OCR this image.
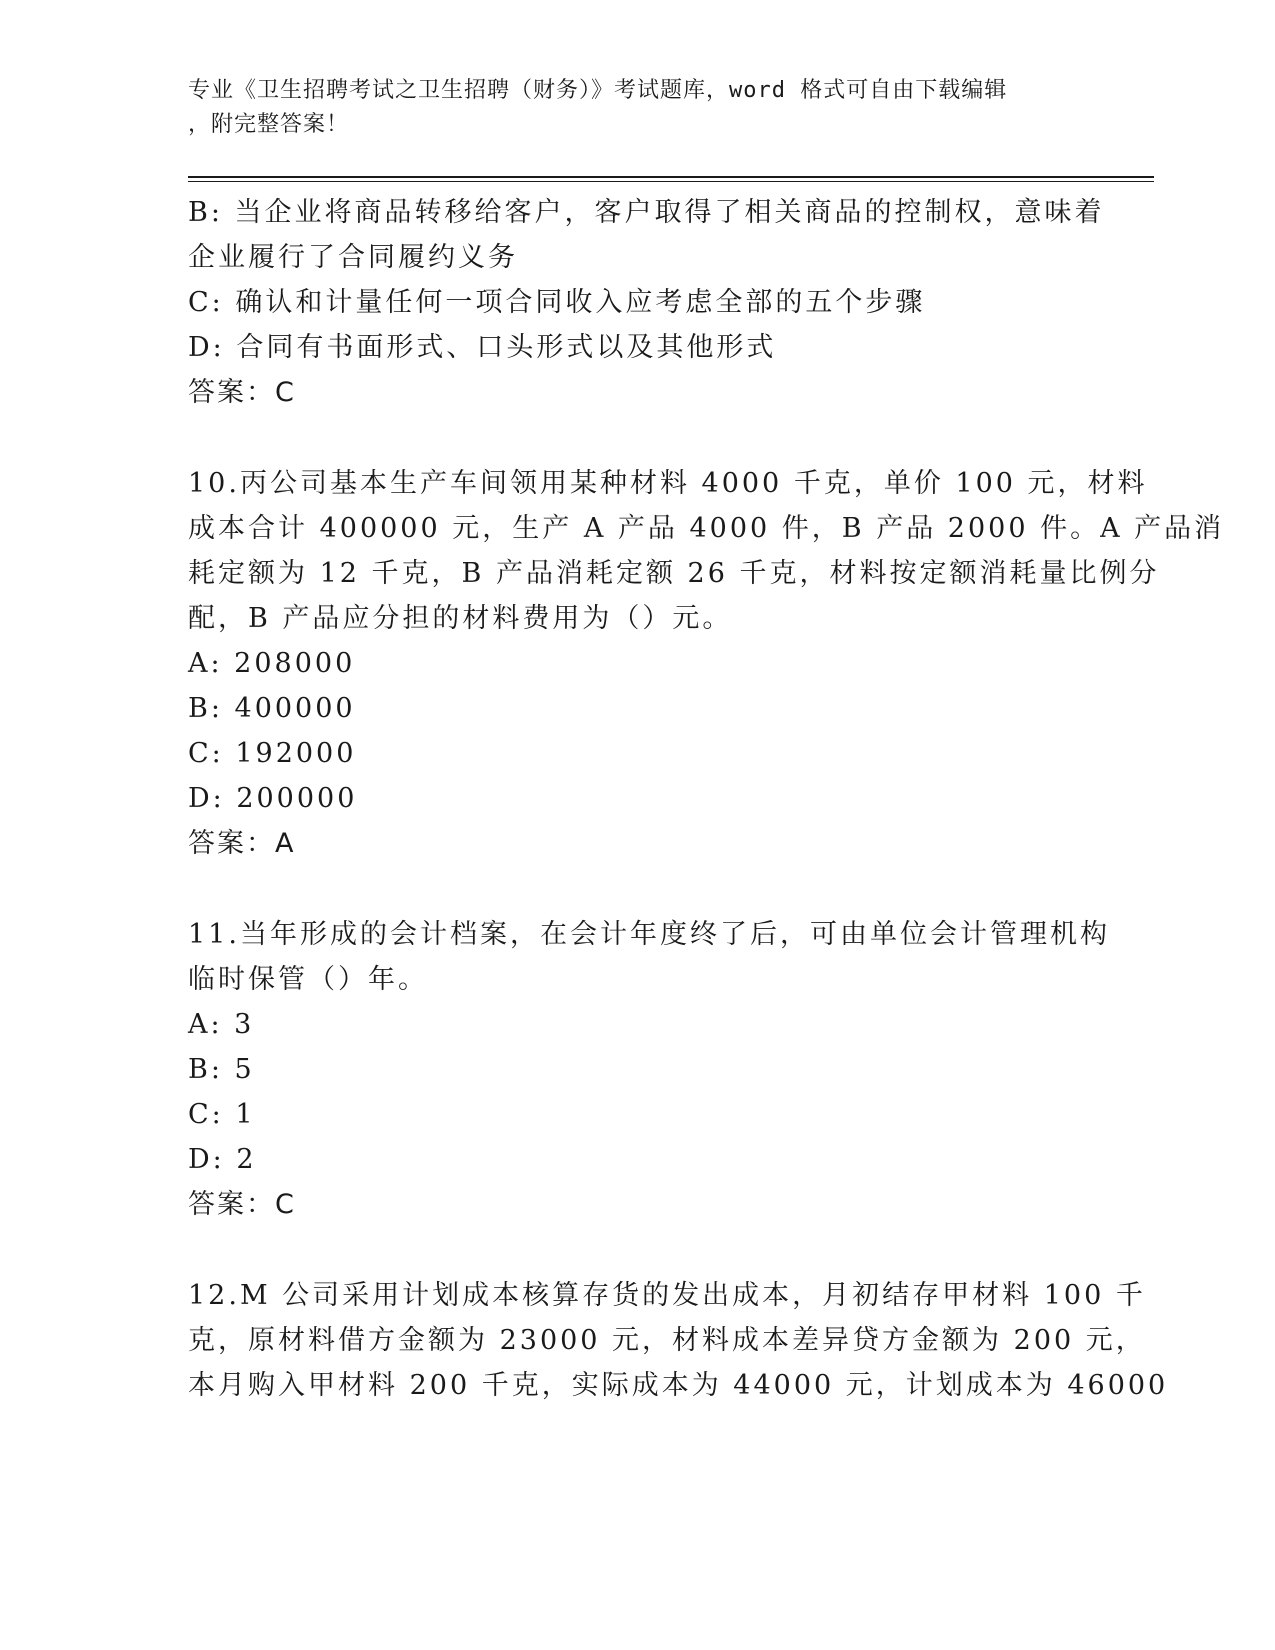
专业《卫生招聘考试之卫生招聘（财务）》考试题库，word 格式可自由下载编辑
，附完整答案！
B: 当企业将商品转移给客户，客户取得了相关商品的控制权，意味着
企业履行了合同履约义务
C: 确认和计量任何一项合同收入应考虑全部的五个步骤
D: 合同有书面形式、口头形式以及其他形式
答案：C
10.丙公司基本生产车间领用某种材料 4000 千克，单价 100 元，材料
成本合计 400000 元，生产 A 产品 4000 件，B 产品 2000 件。A 产品消
耗定额为 12 千克，B 产品消耗定额 26 千克，材料按定额消耗量比例分
配，B 产品应分担的材料费用为（）元。
A: 208000
B: 400000
C: 192000
D: 200000
答案：A
11.当年形成的会计档案，在会计年度终了后，可由单位会计管理机构
临时保管（）年。
A: 3
B: 5
C: 1
D: 2
答案：C
12.M 公司采用计划成本核算存货的发出成本，月初结存甲材料 100 千
克，原材料借方金额为 23000 元，材料成本差异贷方金额为 200 元，
本月购入甲材料 200 千克，实际成本为 44000 元，计划成本为 46000
